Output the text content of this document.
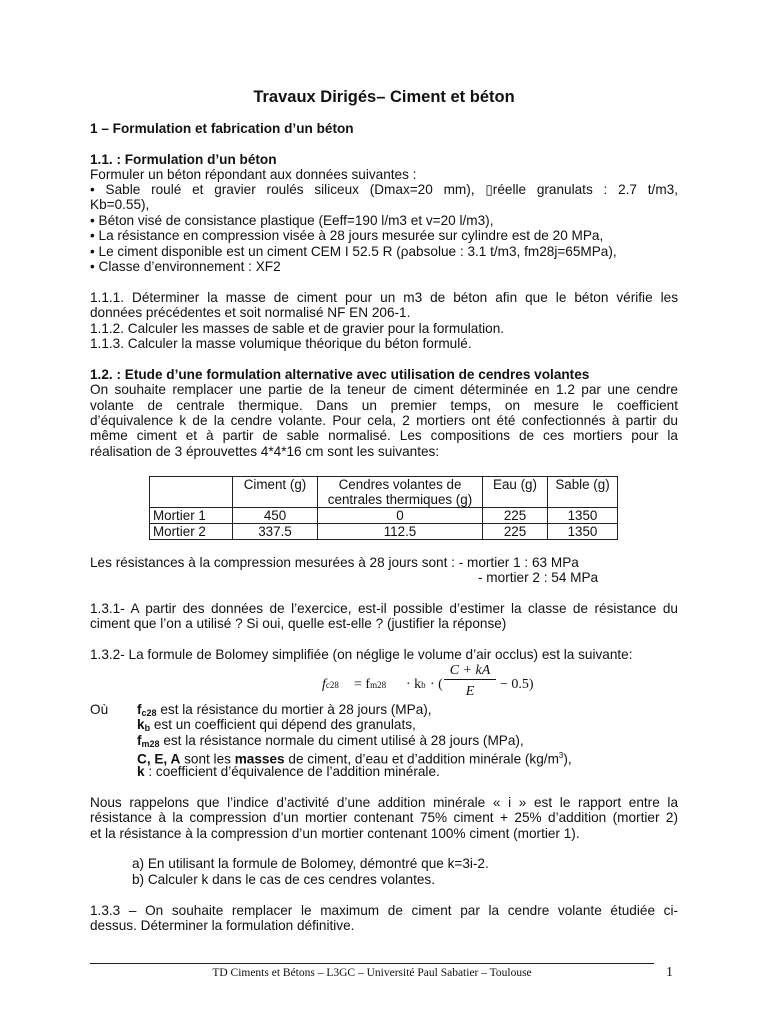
Travaux Dirigés– Ciment et béton
1 – Formulation et fabrication d’un béton
1.1. : Formulation d’un béton
Formuler un béton répondant aux données suivantes :
• Sable roulé et gravier roulés siliceux (Dmax=20 mm), ▯réelle granulats : 2.7 t/m3,
Kb=0.55),
• Béton visé de consistance plastique (Eeff=190 l/m3 et v=20 l/m3),
• La résistance en compression visée à 28 jours mesurée sur cylindre est de 20 MPa,
• Le ciment disponible est un ciment CEM I 52.5 R (ρabsolue : 3.1 t/m3, fm28j=65MPa),
• Classe d’environnement : XF2
1.1.1. Déterminer la masse de ciment pour un m3 de béton afin que le béton vérifie les
données précédentes et soit normalisé NF EN 206-1.
1.1.2. Calculer les masses de sable et de gravier pour la formulation.
1.1.3. Calculer la masse volumique théorique du béton formulé.
1.2. : Etude d’une formulation alternative avec utilisation de cendres volantes
On souhaite remplacer une partie de la teneur de ciment déterminée en 1.2 par une cendre
volante de centrale thermique. Dans un premier temps, on mesure le coefficient
d’équivalence k de la cendre volante. Pour cela, 2 mortiers ont été confectionnés à partir du
même ciment et à partir de sable normalisé. Les compositions de ces mortiers pour la
réalisation de 3 éprouvettes 4*4*16 cm sont les suivantes:
	Ciment (g)	Cendres volantes de
centrales thermiques (g)	Eau (g)	Sable (g)
Mortier 1	450	0	225	1350
Mortier 2	337.5	112.5	225	1350
Les résistances à la compression mesurées à 28 jours sont : - mortier 1 : 63 MPa
- mortier 2 : 54 MPa
1.3.1- A partir des données de l’exercice, est-il possible d’estimer la classe de résistance du
ciment que l’on a utilisé ? Si oui, quelle est-elle ? (justifier la réponse)
1.3.2- La formule de Bolomey simplifiée (on néglige le volume d’air occlus) est la suivante:
fc28 = fm28 · kb · (
C + kA
E	− 0.5)
Où $f_{c28}$ est la résistance du mortier à 28 jours (MPa),
$k_b$ est un coefficient qui dépend des granulats,
$f_{m28}$ est la résistance normale du ciment utilisé à 28 jours (MPa),
C, E, A sont les masses de ciment, d’eau et d’addition minérale $(kg/m^3)$,
k : coefficient d’équivalence de l’addition minérale.
Nous rappelons que l’indice d’activité d’une addition minérale « i » est le rapport entre la
résistance à la compression d’un mortier contenant 75% ciment + 25% d’addition (mortier 2)
et la résistance à la compression d’un mortier contenant 100% ciment (mortier 1).
a) En utilisant la formule de Bolomey, démontré que k=3i-2.
b) Calculer k dans le cas de ces cendres volantes.
1.3.3 – On souhaite remplacer le maximum de ciment par la cendre volante étudiée ci-
dessus. Déterminer la formulation définitive.
TD Ciments et Bétons – L3GC – Université Paul Sabatier – Toulouse	1
